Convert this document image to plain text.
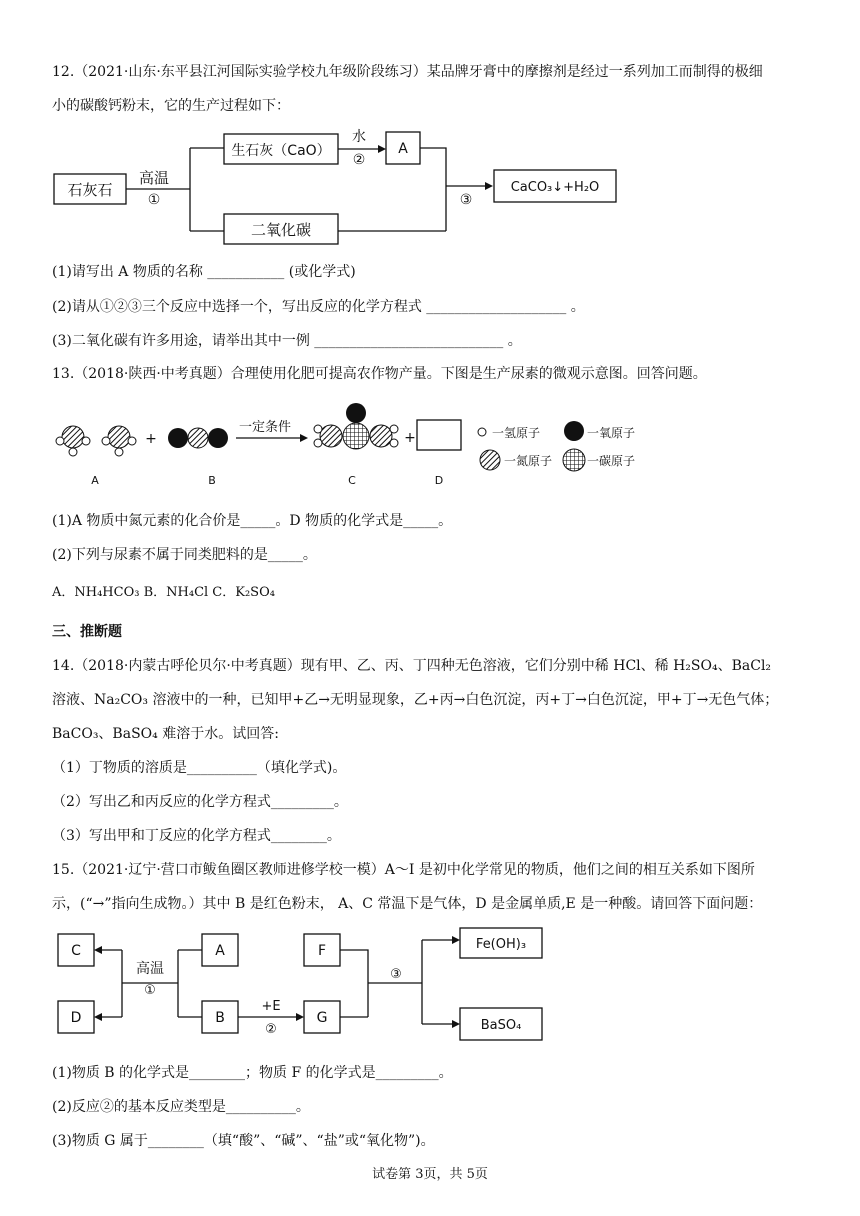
12.（2021·山东·东平县江河国际实验学校九年级阶段练习）某品牌牙膏中的摩擦剂是经过一系列加工而制得的极细
小的碳酸钙粉末，它的生产过程如下：
石灰石
高温
①
生石灰（CaO）
水
②
A
二氧化碳
③
CaCO₃↓+H₂O
(1)请写出 A 物质的名称 ___________ (或化学式)
(2)请从①②③三个反应中选择一个，写出反应的化学方程式 ____________________ 。
(3)二氧化碳有许多用途，请举出其中一例 ___________________________ 。
13.（2018·陕西·中考真题）合理使用化肥可提高农作物产量。下图是生产尿素的微观示意图。回答问题。
+
一定条件
+
A	B	C	D
一氢原子	一氧原子
一氮原子	一碳原子
(1)A 物质中氮元素的化合价是_____。D 物质的化学式是_____。
(2)下列与尿素不属于同类肥料的是_____。
A．NH₄HCO₃ B．NH₄Cl C．K₂SO₄
三、推断题
14.（2018·内蒙古呼伦贝尔·中考真题）现有甲、乙、丙、丁四种无色溶液，它们分别中稀 HCl、稀 H₂SO₄、BaCl₂
溶液、Na₂CO₃ 溶液中的一种，已知甲+乙→无明显现象，乙+丙→白色沉淀，丙+丁→白色沉淀，甲+丁→无色气体；
BaCO₃、BaSO₄ 难溶于水。试回答:
（1）丁物质的溶质是__________（填化学式)。
（2）写出乙和丙反应的化学方程式_________。
（3）写出甲和丁反应的化学方程式________。
15.（2021·辽宁·营口市鲅鱼圈区教师进修学校一模）A～I 是初中化学常见的物质，他们之间的相互关系如下图所
示，(“→”指向生成物。）其中 B 是红色粉末， A、C 常温下是气体，D 是金属单质,E 是一种酸。请回答下面问题：
C
D
高温
①
A
B
+E
②
F
G
③
Fe(OH)₃
BaSO₄
(1)物质 B 的化学式是________；物质 F 的化学式是_________。
(2)反应②的基本反应类型是__________。
(3)物质 G 属于________（填“酸”、“碱”、“盐”或“氧化物”)。
试卷第 3页，共 5页
